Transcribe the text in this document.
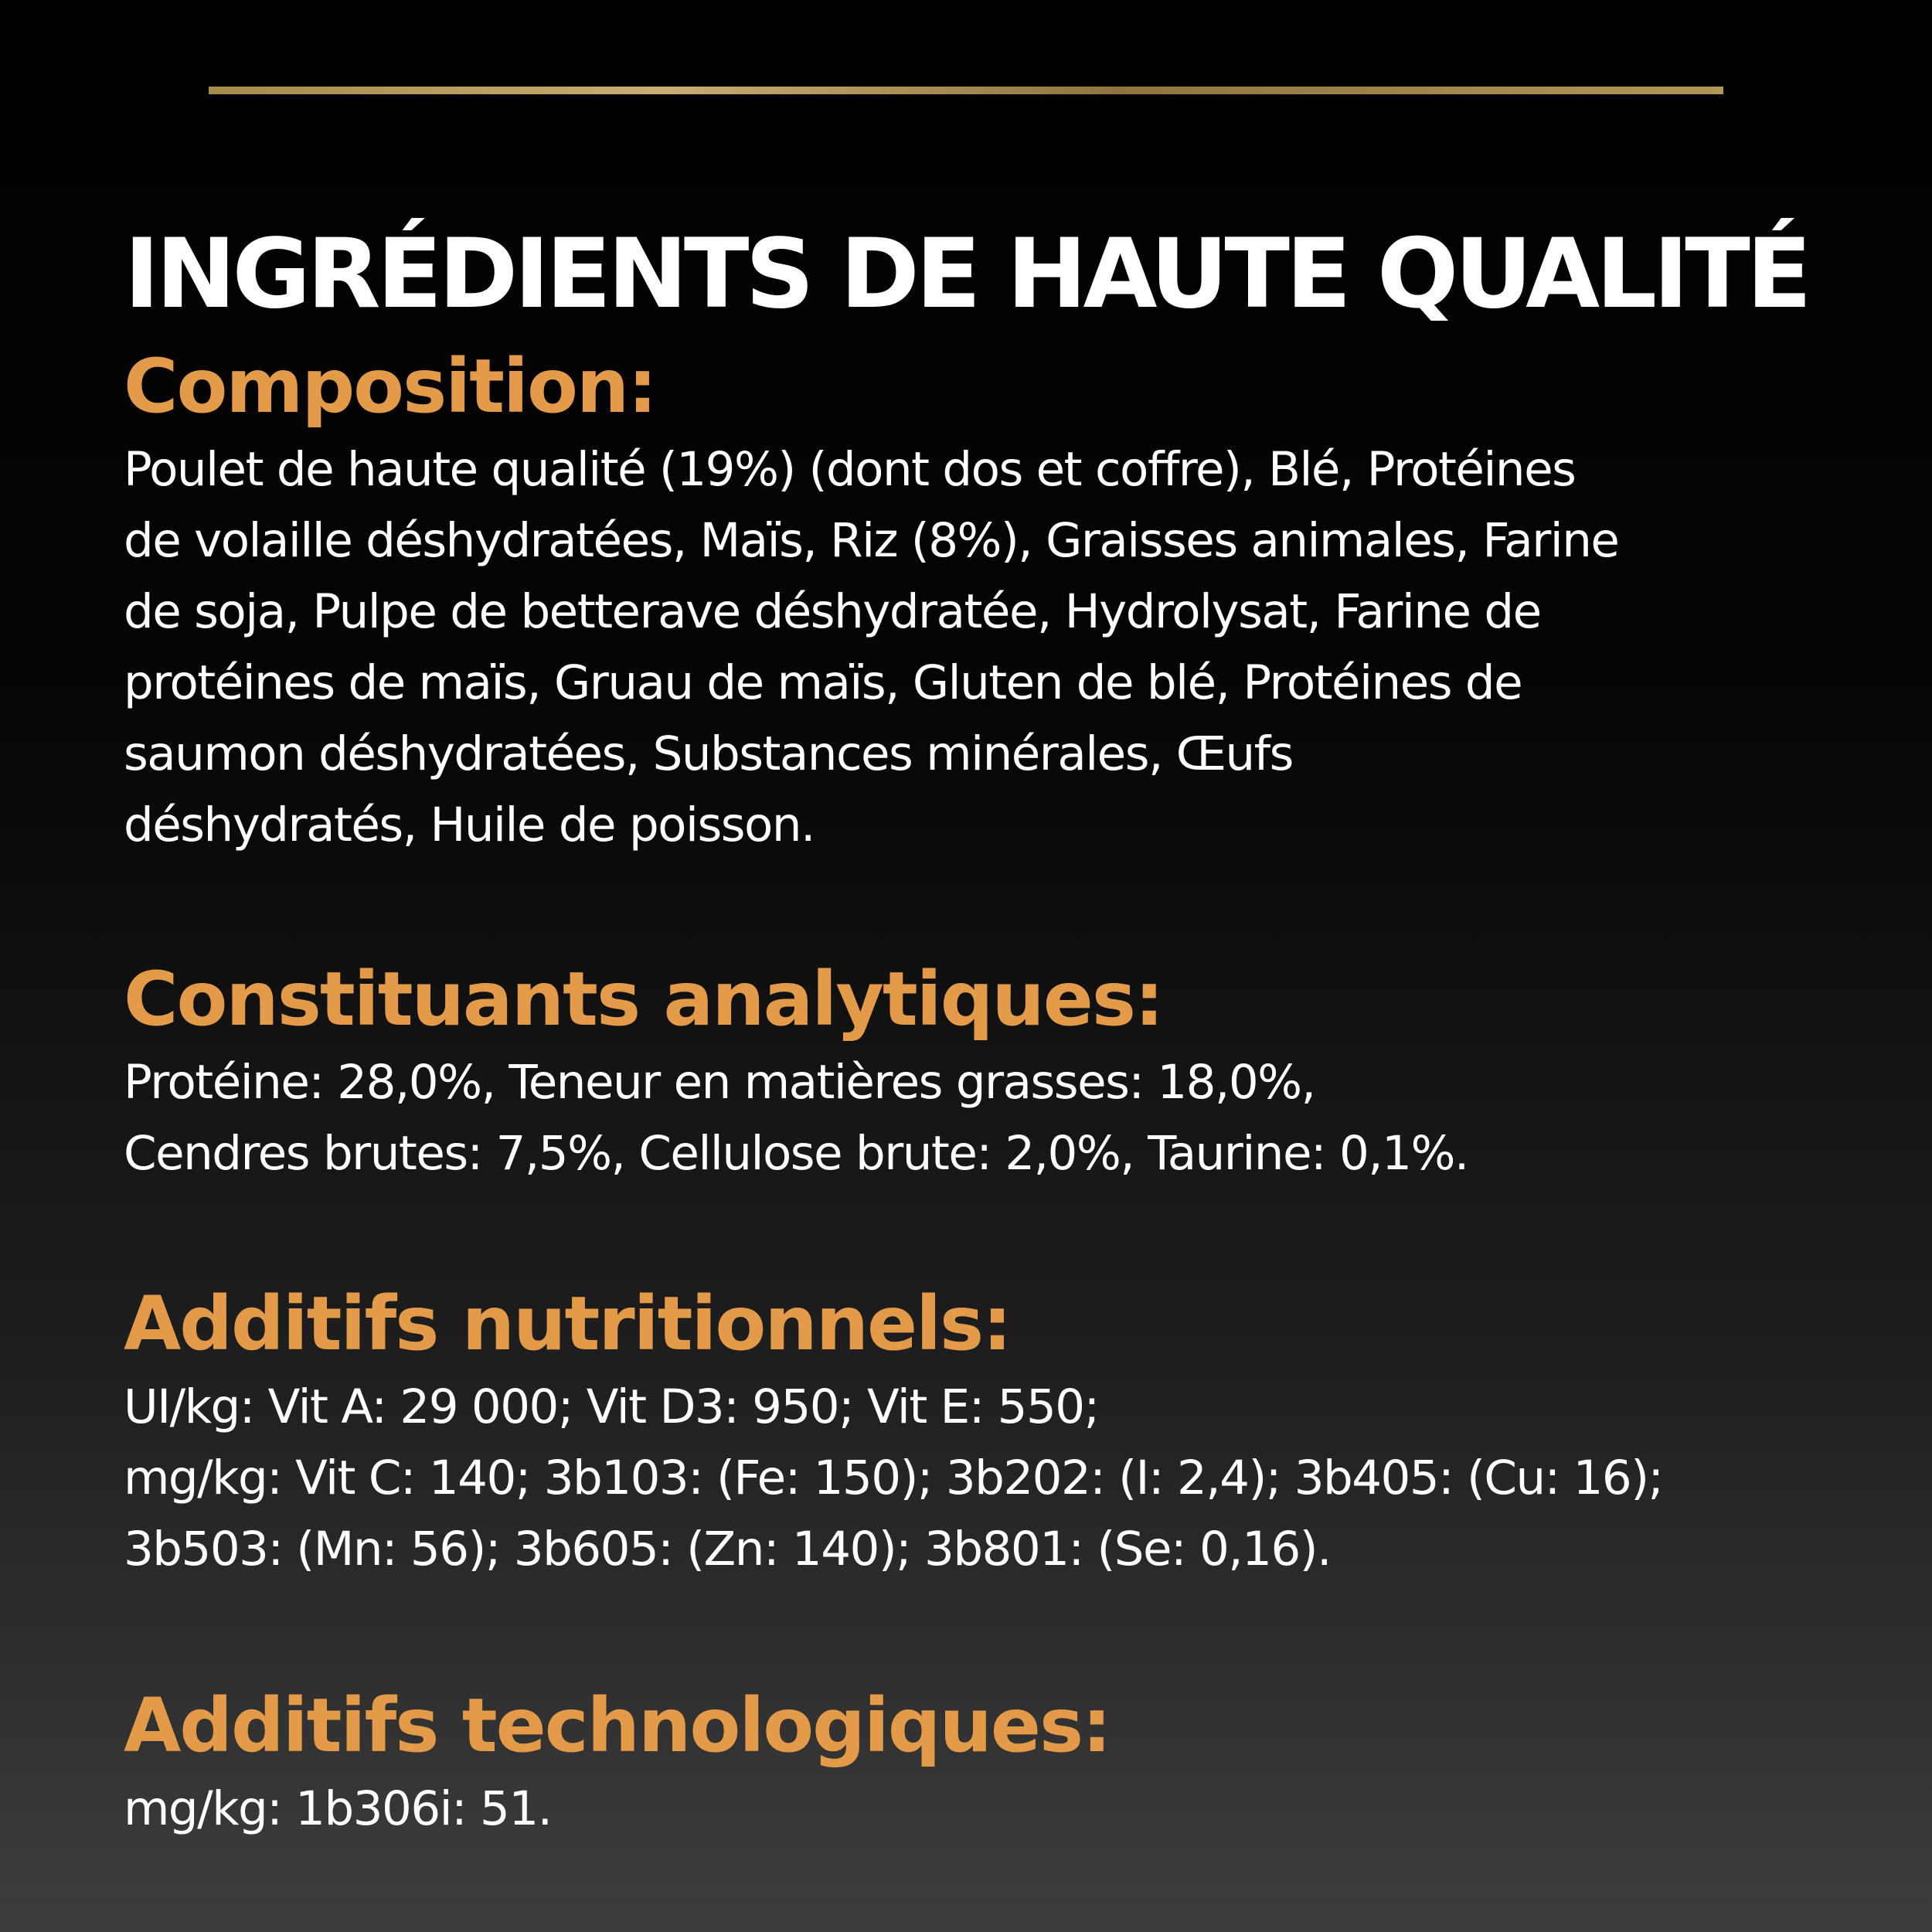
INGRÉDIENTS DE HAUTE QUALITÉ
Composition:

Poulet de haute qualité (19%) (dont dos et coffre), Blé, Protéines
de volaille déshydratées, Maïs, Riz (8%), Graisses animales, Farine
de soja, Pulpe de betterave déshydratée, Hydrolysat, Farine de
protéines de maïs, Gruau de maïs, Gluten de blé, Protéines de
saumon déshydratées, Substances minérales, Œufs
déshydratés, Huile de poisson.

Constituants analytiques:

Protéine: 28,0%, Teneur en matières grasses: 18,0%,
Cendres brutes: 7,5%, Cellulose brute: 2,0%, Taurine: 0,1%.

Additifs nutritionnels:

UI/kg: Vit A: 29 000; Vit D3: 950; Vit E: 550;
mg/kg: Vit C: 140; 3b103: (Fe: 150); 3b202: (I: 2,4); 3b405: (Cu: 16);
3b503: (Mn: 56); 3b605: (Zn: 140); 3b801: (Se: 0,16).

Additifs technologiques:

mg/kg: 1b306i: 51.
